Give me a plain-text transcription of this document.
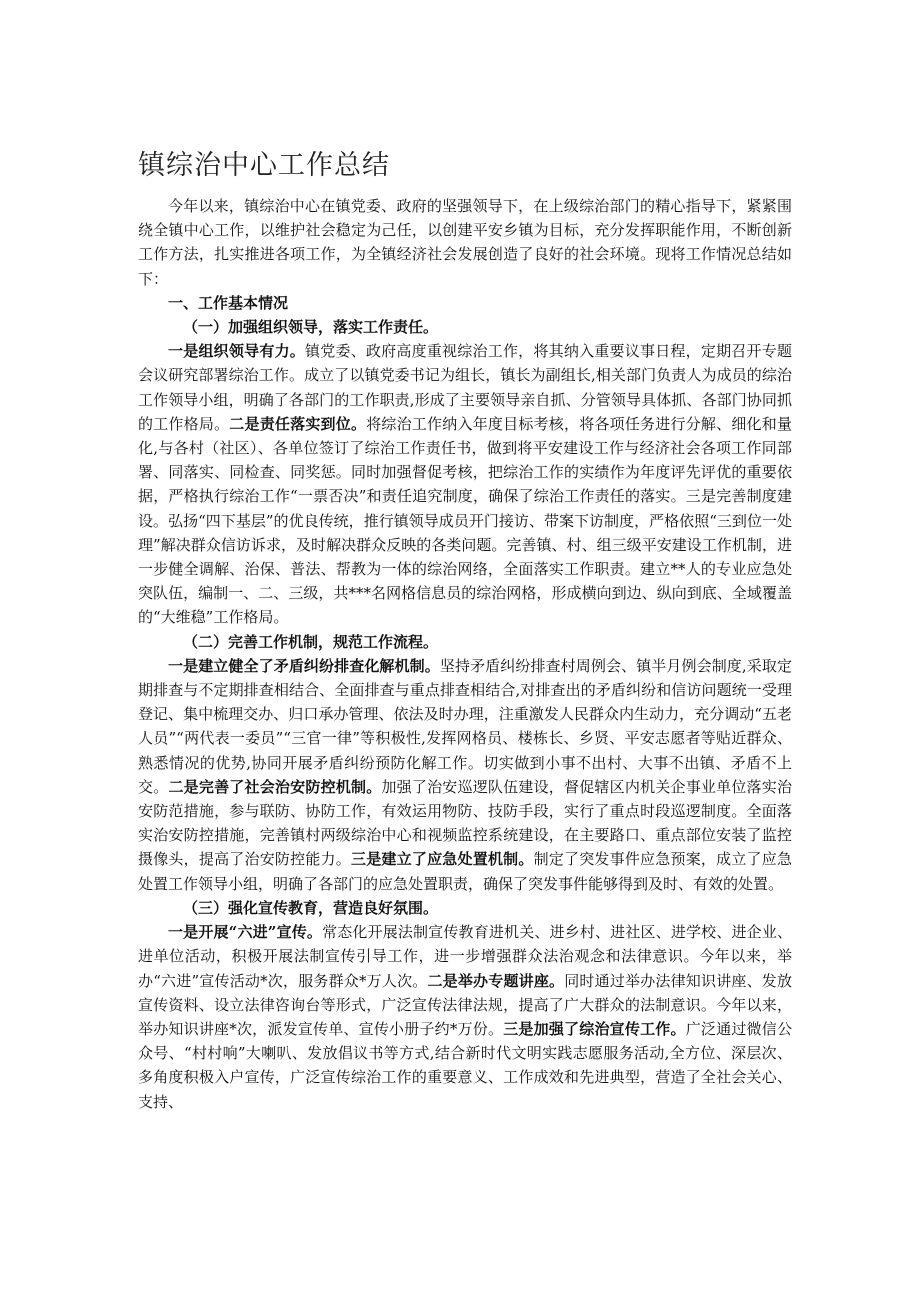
镇综治中心工作总结

今年以来，镇综治中心在镇党委、政府的坚强领导下，在上级综治部门的精心指导下，紧紧围绕全镇中心工作，以维护社会稳定为己任，以创建平安乡镇为目标，充分发挥职能作用，不断创新工作方法，扎实推进各项工作，为全镇经济社会发展创造了良好的社会环境。现将工作情况总结如下：

一、工作基本情况
（一）加强组织领导，落实工作责任。

一是组织领导有力。镇党委、政府高度重视综治工作，将其纳入重要议事日程，定期召开专题会议研究部署综治工作。成立了以镇党委书记为组长，镇长为副组长,相关部门负责人为成员的综治工作领导小组，明确了各部门的工作职责,形成了主要领导亲自抓、分管领导具体抓、各部门协同抓的工作格局。二是责任落实到位。将综治工作纳入年度目标考核，将各项任务进行分解、细化和量化,与各村（社区）、各单位签订了综治工作责任书，做到将平安建设工作与经济社会各项工作同部署、同落实、同检查、同奖惩。同时加强督促考核，把综治工作的实绩作为年度评先评优的重要依据，严格执行综治工作“一票否决”和责任追究制度，确保了综治工作责任的落实。三是完善制度建设。弘扬“四下基层”的优良传统，推行镇领导成员开门接访、带案下访制度，严格依照“三到位一处理”解决群众信访诉求，及时解决群众反映的各类问题。完善镇、村、组三级平安建设工作机制，进一步健全调解、治保、普法、帮教为一体的综治网络，全面落实工作职责。建立**人的专业应急处突队伍，编制一、二、三级，共***名网格信息员的综治网格，形成横向到边、纵向到底、全域覆盖的“大维稳”工作格局。

（二）完善工作机制，规范工作流程。

一是建立健全了矛盾纠纷排查化解机制。坚持矛盾纠纷排查村周例会、镇半月例会制度,采取定期排查与不定期排查相结合、全面排查与重点排查相结合,对排查出的矛盾纠纷和信访问题统一受理登记、集中梳理交办、归口承办管理、依法及时办理，注重激发人民群众内生动力，充分调动“五老人员”“两代表一委员”“三官一律”等积极性,发挥网格员、楼栋长、乡贤、平安志愿者等贴近群众、熟悉情况的优势,协同开展矛盾纠纷预防化解工作。切实做到小事不出村、大事不出镇、矛盾不上交。二是完善了社会治安防控机制。加强了治安巡逻队伍建设，督促辖区内机关企事业单位落实治安防范措施，参与联防、协防工作，有效运用物防、技防手段，实行了重点时段巡逻制度。全面落实治安防控措施，完善镇村两级综治中心和视频监控系统建设，在主要路口、重点部位安装了监控摄像头，提高了治安防控能力。三是建立了应急处置机制。制定了突发事件应急预案，成立了应急处置工作领导小组，明确了各部门的应急处置职责，确保了突发事件能够得到及时、有效的处置。

（三）强化宣传教育，营造良好氛围。

一是开展“六进”宣传。常态化开展法制宣传教育进机关、进乡村、进社区、进学校、进企业、进单位活动，积极开展法制宣传引导工作，进一步增强群众法治观念和法律意识。今年以来，举办“六进”宣传活动*次，服务群众*万人次。二是举办专题讲座。同时通过举办法律知识讲座、发放宣传资料、设立法律咨询台等形式，广泛宣传法律法规，提高了广大群众的法制意识。今年以来，举办知识讲座*次，派发宣传单、宣传小册子约*万份。三是加强了综治宣传工作。广泛通过微信公众号、“村村响”大喇叭、发放倡议书等方式,结合新时代文明实践志愿服务活动,全方位、深层次、多角度积极入户宣传，广泛宣传综治工作的重要意义、工作成效和先进典型，营造了全社会关心、支持、
